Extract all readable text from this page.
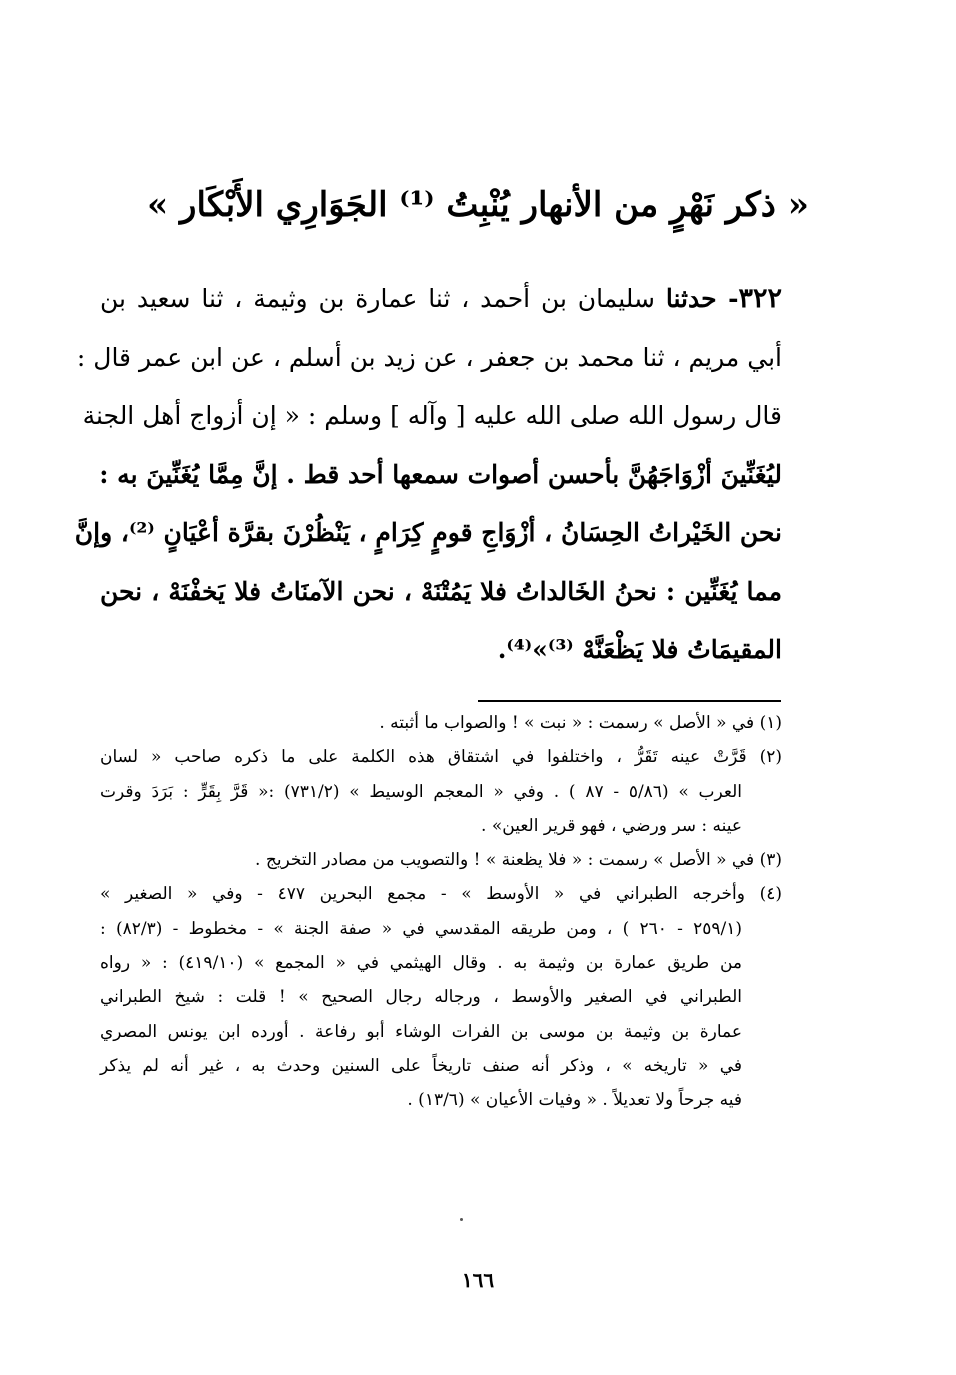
« ذكر نَهْرٍ من الأنهار يُنْبِتُ ⁽¹⁾ الجَوَارِي الأَبْكَار »
٣٢٢- حدثنا سليمان بن أحمد ، ثنا عمارة بن وثيمة ، ثنا سعيد بن
أبي مريم ، ثنا محمد بن جعفر ، عن زيد بن أسلم ، عن ابن عمر قال :
قال رسول الله صلى الله عليه [ وآله ] وسلم : « إن أزواج أهل الجنة
ليُغَنِّينَ أزْوَاجَهُنَّ بأحسن أصوات سمعها أحد قط . إنَّ مِمَّا يُغَنِّينَ به :
نحن الخَيْراتُ الحِسَانُ ، أزْوَاجِ قومٍ كِرَامٍ ، يَنْظُرْنَ بقرَّة أعْيَانٍ ⁽²⁾، وإنَّ
مما يُغَنِّين : نحنُ الخَالداتُ فلا يَمُتْنَهْ ، نحن الآمنَاتُ فلا يَخفْنَهْ ، نحن
المقيمَاتُ فلا يَظْعَنَّهْ ⁽³⁾»⁽⁴⁾.
(١) في « الأصل » رسمت : « نبت » ! والصواب ما أثبته .
(٢) قَرَّتْ عينه تَقَرُّ ، واختلفوا في اشتقاق هذه الكلمة على ما ذكره صاحب « لسان
العرب » (٥/٨٦ - ٨٧ ) . وفي « المعجم الوسيط » (٧٣١/٢) :« قَرَّ بِقَرٍّ : بَرَدَ وقرت
عينه : سر ورضي ، فهو قرير العين» .
(٣) في « الأصل » رسمت : « فلا يظعنة » ! والتصويب من مصادر التخريج .
(٤) وأخرجه الطبراني في « الأوسط » - مجمع البحرين ٤٧٧ - وفي « الصغير »
(٢٥٩/١ - ٢٦٠ ) ، ومن طريقه المقدسي في « صفة الجنة » - مخطوط - (٨٢/٣) :
من طريق عمارة بن وثيمة به . وقال الهيثمي في « المجمع » (٤١٩/١٠) : « رواه
الطبراني في الصغير والأوسط ، ورجاله رجال الصحيح » ! قلت : شيخ الطبراني
عمارة بن وثيمة بن موسى بن الفرات الوشاء أبو رفاعة . أورده ابن يونس المصري
في « تاريخه » ، وذكر أنه صنف تاريخاً على السنين وحدث به ، غير أنه لم يذكر
فيه جرحاً ولا تعديلاً . « وفيات الأعيان » (١٣/٦) .
١٦٦
